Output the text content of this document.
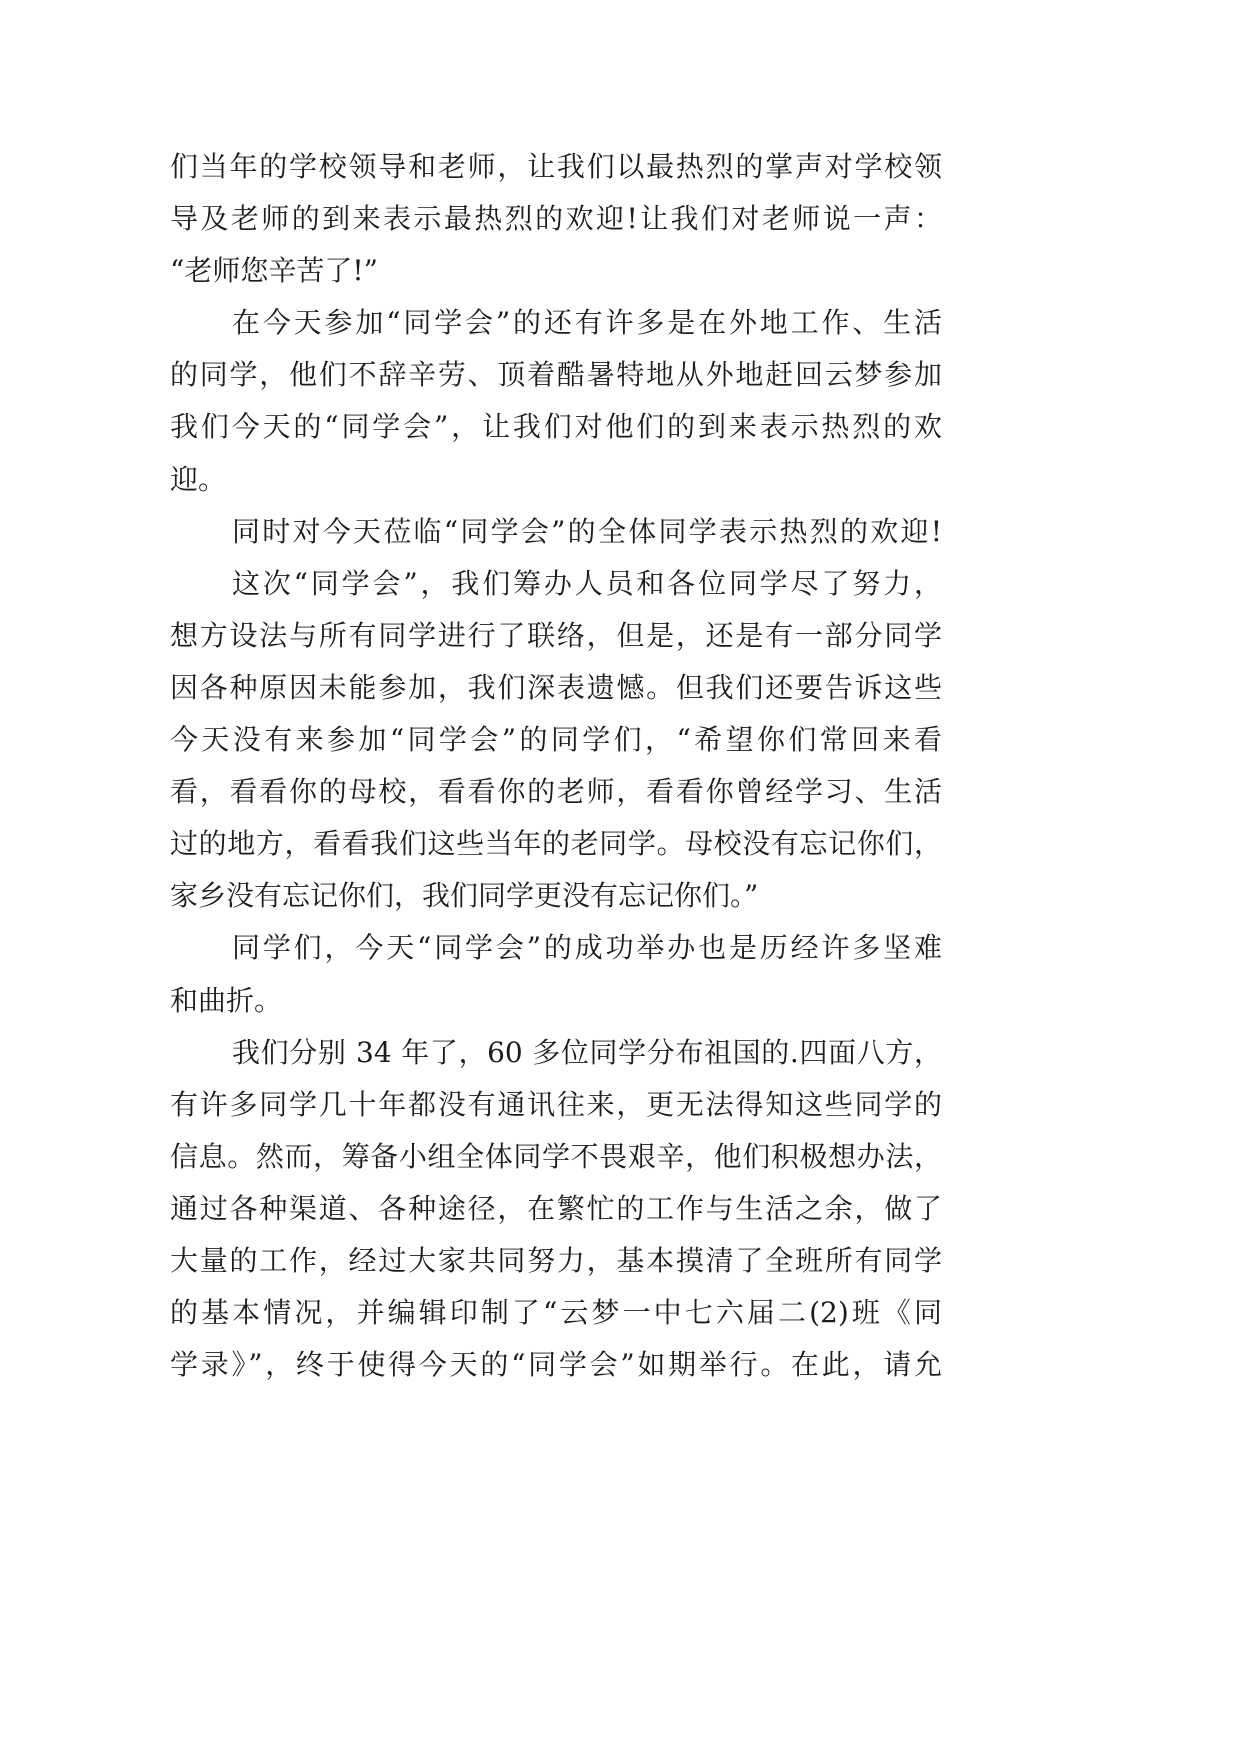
们当年的学校领导和老师，让我们以最热烈的掌声对学校领
导及老师的到来表示最热烈的欢迎!让我们对老师说一声：
“老师您辛苦了!”
在今天参加“同学会”的还有许多是在外地工作、生活
的同学，他们不辞辛劳、顶着酷暑特地从外地赶回云梦参加
我们今天的“同学会”，让我们对他们的到来表示热烈的欢
迎。
同时对今天莅临“同学会”的全体同学表示热烈的欢迎!
这次“同学会”，我们筹办人员和各位同学尽了努力，
想方设法与所有同学进行了联络，但是，还是有一部分同学
因各种原因未能参加，我们深表遗憾。但我们还要告诉这些
今天没有来参加“同学会”的同学们，“希望你们常回来看
看，看看你的母校，看看你的老师，看看你曾经学习、生活
过的地方，看看我们这些当年的老同学。母校没有忘记你们，
家乡没有忘记你们，我们同学更没有忘记你们。”
同学们，今天“同学会”的成功举办也是历经许多坚难
和曲折。
我们分别 34 年了，60 多位同学分布祖国的.四面八方，
有许多同学几十年都没有通讯往来，更无法得知这些同学的
信息。然而，筹备小组全体同学不畏艰辛，他们积极想办法，
通过各种渠道、各种途径，在繁忙的工作与生活之余，做了
大量的工作，经过大家共同努力，基本摸清了全班所有同学
的基本情况，并编辑印制了“云梦一中七六届二(2)班《同
学录》”，终于使得今天的“同学会”如期举行。在此，请允
